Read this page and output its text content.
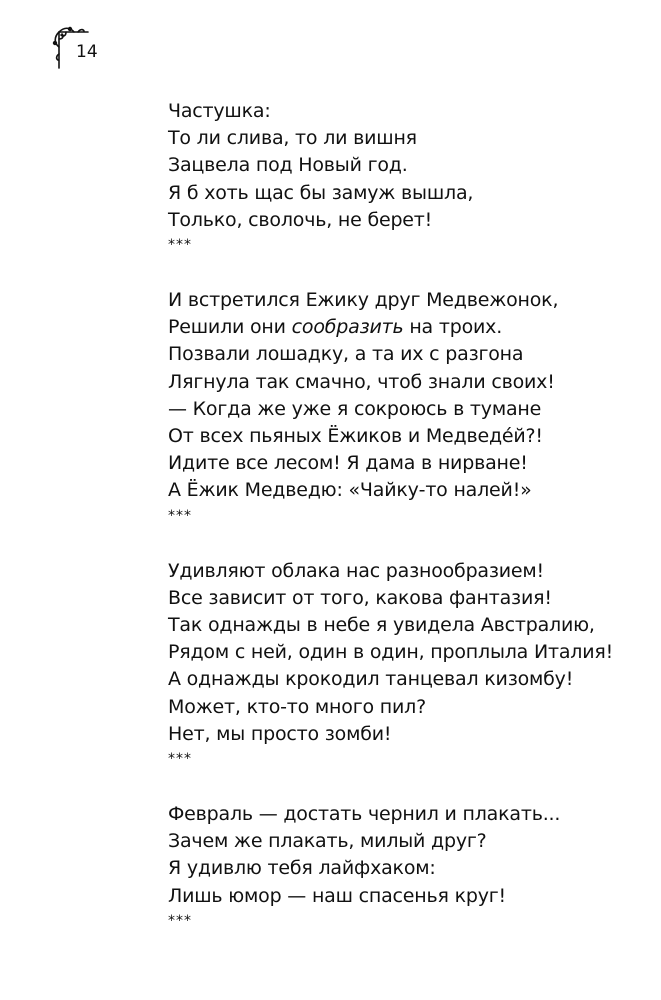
14
Частушка:
То ли слива, то ли вишня
Зацвела под Новый год.
Я б хоть щас бы замуж вышла,
Только, сволочь, не берет!
***
И встретился Ежику друг Медвежонок,
Решили они сообразить на троих.
Позвали лошадку, а та их с разгона
Лягнула так смачно, чтоб знали своих!
— Когда же уже я сокроюсь в тумане
От всех пьяных Ёжиков и Медведéй?!
Идите все лесом! Я дама в нирване!
А Ёжик Медведю: «Чайку-то налей!»
***
Удивляют облака нас разнообразием!
Все зависит от того, какова фантазия!
Так однажды в небе я увидела Австралию,
Рядом с ней, один в один, проплыла Италия!
А однажды крокодил танцевал кизомбу!
Может, кто-то много пил?
Нет, мы просто зомби!
***
Февраль — достать чернил и плакать...
Зачем же плакать, милый друг?
Я удивлю тебя лайфхаком:
Лишь юмор — наш спасенья круг!
***
